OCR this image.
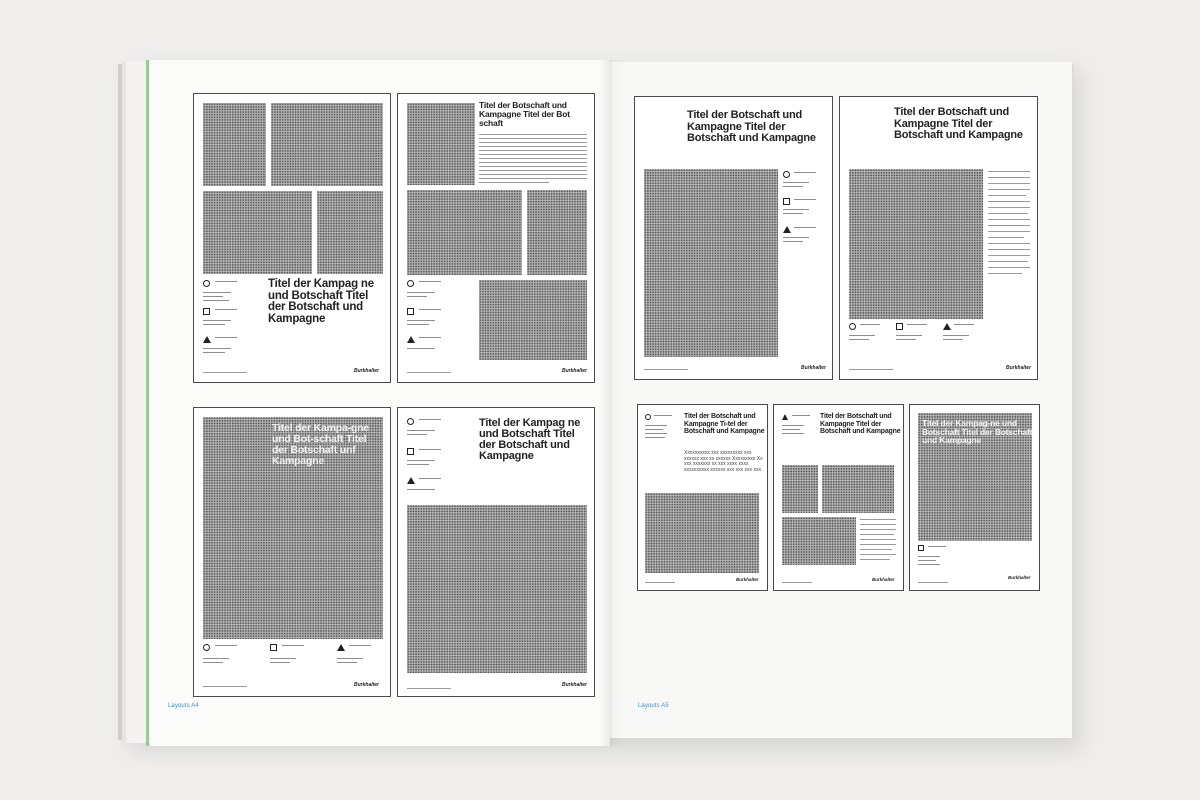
Layouts A4	Layouts A5
Titel der Kampag ne und Botschaft Titel der Botschaft und Kampagne
Burkhalter
Titel der Botschaft und Kampagne Titel der Bot schaft
Burkhalter
Titel der Kampa-gne und Bot-schaft Titel der Botschaft unf Kampagne
Burkhalter
Titel der Kampag ne und Botschaft Titel der Botschaft und Kampagne
Burkhalter
Titel der Botschaft und Kampagne Titel der Botschaft und Kampagne
Burkhalter
Titel der Botschaft und Kampagne Titel der Botschaft und Kampagne
Burkhalter
Titel der Botschaft und Kampagne Ti-tel der Botschaft und Kampagne
Xxxxxxxxxx xxx xxxxxxxxx xxx xxxxxx xxx xx xxxxxx Xxxxxxxxx Xx xxx xxxxxxx xx xxx xxxx xxxx xxxxxxxxxx xxxxxx xxx xxx xxx xxx.
Burkhalter
Titel der Botschaft und Kampagne Titel der Botschaft und Kampagne
Burkhalter
Titel der Kampag-ne und Botschaft Titel der Botschaft und Kampagne
Burkhalter
